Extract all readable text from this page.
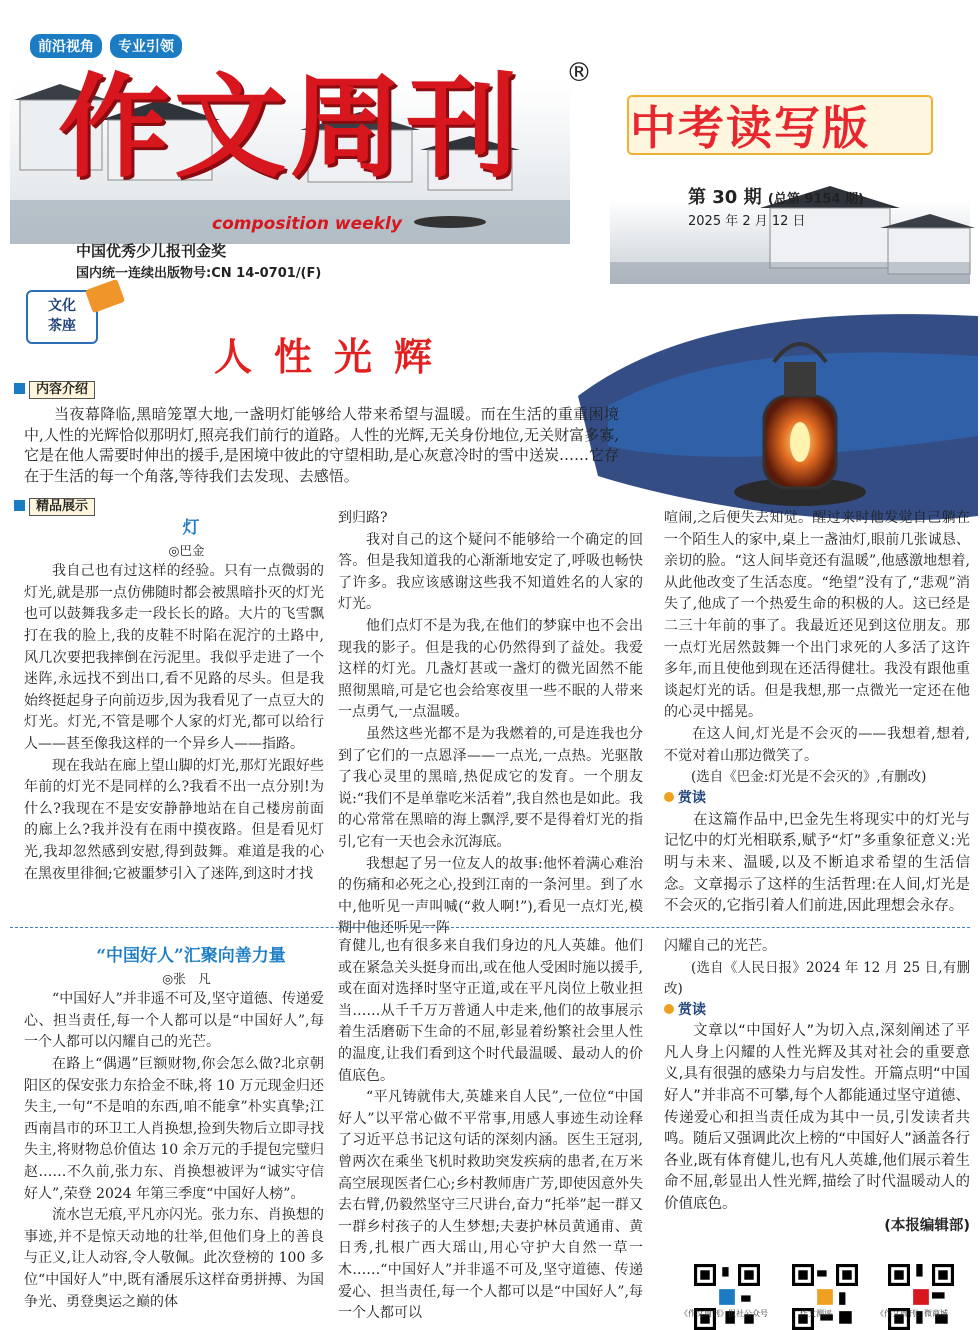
前沿视角 专业引领
作文周刊 ®
composition weekly
中国优秀少儿报刊金奖
国内统一连续出版物号:CN 14-0701/(F)
中考读写版
第 30 期 (总第 9154 期)
2025 年 2 月 12 日
文化
茶座
人性光辉
内容介绍
当夜幕降临,黑暗笼罩大地,一盏明灯能够给人带来希望与温暖。而在生活的重重困境中,人性的光辉恰似那明灯,照亮我们前行的道路。人性的光辉,无关身份地位,无关财富多寡,它是在他人需要时伸出的援手,是困境中彼此的守望相助,是心灰意冷时的雪中送炭……它存在于生活的每一个角落,等待我们去发现、去感悟。
精品展示

灯

◎巴金

我自己也有过这样的经验。只有一点微弱的灯光,就是那一点仿佛随时都会被黑暗扑灭的灯光也可以鼓舞我多走一段长长的路。大片的飞雪飘打在我的脸上,我的皮鞋不时陷在泥泞的土路中,风几次要把我摔倒在污泥里。我似乎走进了一个迷阵,永远找不到出口,看不见路的尽头。但是我始终挺起身子向前迈步,因为我看见了一点豆大的灯光。灯光,不管是哪个人家的灯光,都可以给行人——甚至像我这样的一个异乡人——指路。

现在我站在廊上望山脚的灯光,那灯光跟好些年前的灯光不是同样的么?我看不出一点分别!为什么?我现在不是安安静静地站在自己楼房前面的廊上么?我并没有在雨中摸夜路。但是看见灯光,我却忽然感到安慰,得到鼓舞。难道是我的心在黑夜里徘徊;它被噩梦引入了迷阵,到这时才找

到归路?

我对自己的这个疑问不能够给一个确定的回答。但是我知道我的心渐渐地安定了,呼吸也畅快了许多。我应该感谢这些我不知道姓名的人家的灯光。

他们点灯不是为我,在他们的梦寐中也不会出现我的影子。但是我的心仍然得到了益处。我爱这样的灯光。几盏灯甚或一盏灯的微光固然不能照彻黑暗,可是它也会给寒夜里一些不眠的人带来一点勇气,一点温暖。

虽然这些光都不是为我燃着的,可是连我也分到了它们的一点恩泽——一点光,一点热。光驱散了我心灵里的黑暗,热促成它的发育。一个朋友说:“我们不是单靠吃米活着”,我自然也是如此。我的心常常在黑暗的海上飘浮,要不是得着灯光的指引,它有一天也会永沉海底。

我想起了另一位友人的故事:他怀着满心难治的伤痛和必死之心,投到江南的一条河里。到了水中,他听见一声叫喊(“救人啊!”),看见一点灯光,模糊中他还听见一阵

喧闹,之后便失去知觉。醒过来时他发觉自己躺在一个陌生人的家中,桌上一盏油灯,眼前几张诚恳、亲切的脸。“这人间毕竟还有温暖”,他感激地想着,从此他改变了生活态度。“绝望”没有了,“悲观”消失了,他成了一个热爱生命的积极的人。这已经是二三十年前的事了。我最近还见到这位朋友。那一点灯光居然鼓舞一个出门求死的人多活了这许多年,而且使他到现在还活得健壮。我没有跟他重谈起灯光的话。但是我想,那一点微光一定还在他的心灵中摇晃。

在这人间,灯光是不会灭的——我想着,想着,不觉对着山那边微笑了。

(选自《巴金:灯光是不会灭的》,有删改)

赏读

在这篇作品中,巴金先生将现实中的灯光与记忆中的灯光相联系,赋予“灯”多重象征意义:光明与未来、温暖,以及不断追求希望的生活信念。文章揭示了这样的生活哲理:在人间,灯光是不会灭的,它指引着人们前进,因此理想会永存。

“中国好人”汇聚向善力量

◎张　凡

“中国好人”并非遥不可及,坚守道德、传递爱心、担当责任,每一个人都可以是“中国好人”,每一个人都可以闪耀自己的光芒。

在路上“偶遇”巨额财物,你会怎么做?北京朝阳区的保安张力东拾金不昧,将 10 万元现金归还失主,一句“不是咱的东西,咱不能拿”朴实真挚;江西南昌市的环卫工人肖换想,捡到失物后立即寻找失主,将财物总价值达 10 余万元的手提包完璧归赵……不久前,张力东、肖换想被评为“诚实守信好人”,荣登 2024 年第三季度“中国好人榜”。

流水岂无痕,平凡亦闪光。张力东、肖换想的事迹,并不是惊天动地的壮举,但他们身上的善良与正义,让人动容,令人敬佩。此次登榜的 100 多位“中国好人”中,既有潘展乐这样奋勇拼搏、为国争光、勇登奥运之巅的体

育健儿,也有很多来自我们身边的凡人英雄。他们或在紧急关头挺身而出,或在他人受困时施以援手,或在面对选择时坚守正道,或在平凡岗位上敬业担当……从千千万万普通人中走来,他们的故事展示着生活磨砺下生命的不屈,彰显着纷繁社会里人性的温度,让我们看到这个时代最温暖、最动人的价值底色。

“平凡铸就伟大,英雄来自人民”,一位位“中国好人”以平常心做不平常事,用感人事迹生动诠释了习近平总书记这句话的深刻内涵。医生王冠羽,曾两次在乘坐飞机时救助突发疾病的患者,在万米高空展现医者仁心;乡村教师唐广芳,即使因意外失去右臂,仍毅然坚守三尺讲台,奋力“托举”起一群又一群乡村孩子的人生梦想;夫妻护林员黄通甫、黄日秀,扎根广西大瑶山,用心守护大自然一草一木……“中国好人”并非遥不可及,坚守道德、传递爱心、担当责任,每一个人都可以是“中国好人”,每一个人都可以

闪耀自己的光芒。

(选自《人民日报》2024 年 12 月 25 日,有删改)

赏读

文章以“中国好人”为切入点,深刻阐述了平凡人身上闪耀的人性光辉及其对社会的重要意义,具有很强的感染力与启发性。开篇点明“中国好人”并非高不可攀,每个人都能通过坚守道德、传递爱心和担当责任成为其中一员,引发读者共鸣。随后又强调此次上榜的“中国好人”涵盖各行各业,既有体育健儿,也有凡人英雄,他们展示着生命不屈,彰显出人性光辉,描绘了时代温暖动人的价值底色。

(本报编辑部)

《作文周刊》报社公众号	作文测评	《作文周刊》微商城
